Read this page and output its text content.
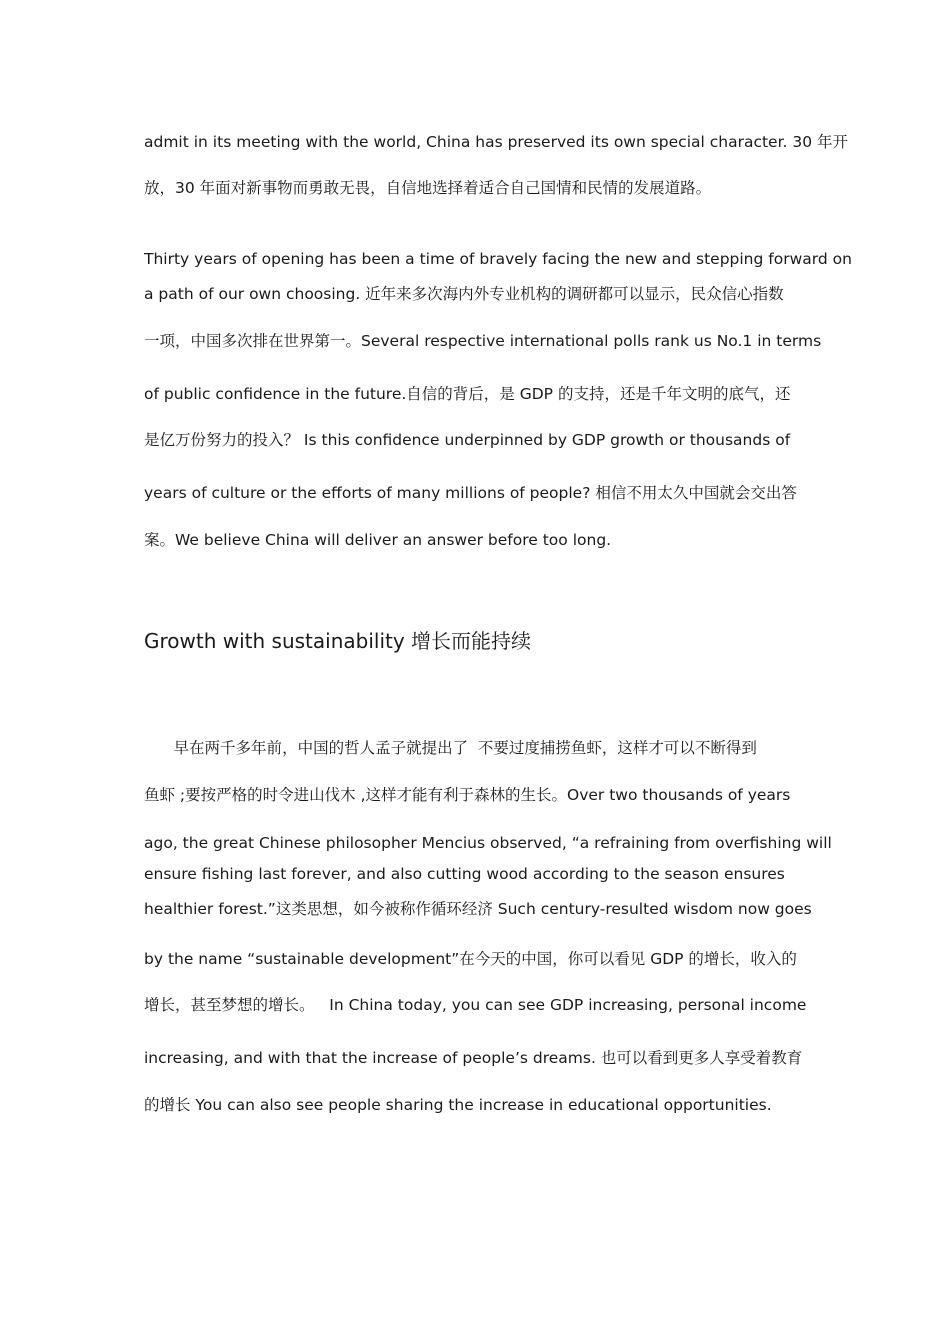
admit in its meeting with the world, China has preserved its own special character. 30 年开
放，30 年面对新事物而勇敢无畏，自信地选择着适合自己国情和民情的发展道路。
Thirty years of opening has been a time of bravely facing the new and stepping forward on
a path of our own choosing. 近年来多次海内外专业机构的调研都可以显示，民众信心指数
一项，中国多次排在世界第一。Several respective international polls rank us No.1 in terms
of public confidence in the future.自信的背后，是 GDP 的支持，还是千年文明的底气，还
是亿万份努力的投入？ Is this confidence underpinned by GDP growth or thousands of
years of culture or the efforts of many millions of people? 相信不用太久中国就会交出答
案。We believe China will deliver an answer before too long.
Growth with sustainability 增长而能持续
早在两千多年前，中国的哲人孟子就提出了  不要过度捕捞鱼虾，这样才可以不断得到
鱼虾 ;要按严格的时令进山伐木 ,这样才能有利于森林的生长。Over two thousands of years
ago, the great Chinese philosopher Mencius observed, “a refraining from overfishing will
ensure fishing last forever, and also cutting wood according to the season ensures
healthier forest.”这类思想，如今被称作循环经济 Such century-resulted wisdom now goes
by the name “sustainable development”在今天的中国，你可以看见 GDP 的增长，收入的
增长，甚至梦想的增长。   In China today, you can see GDP increasing, personal income
increasing, and with that the increase of people’s dreams. 也可以看到更多人享受着教育
的增长 You can also see people sharing the increase in educational opportunities.
